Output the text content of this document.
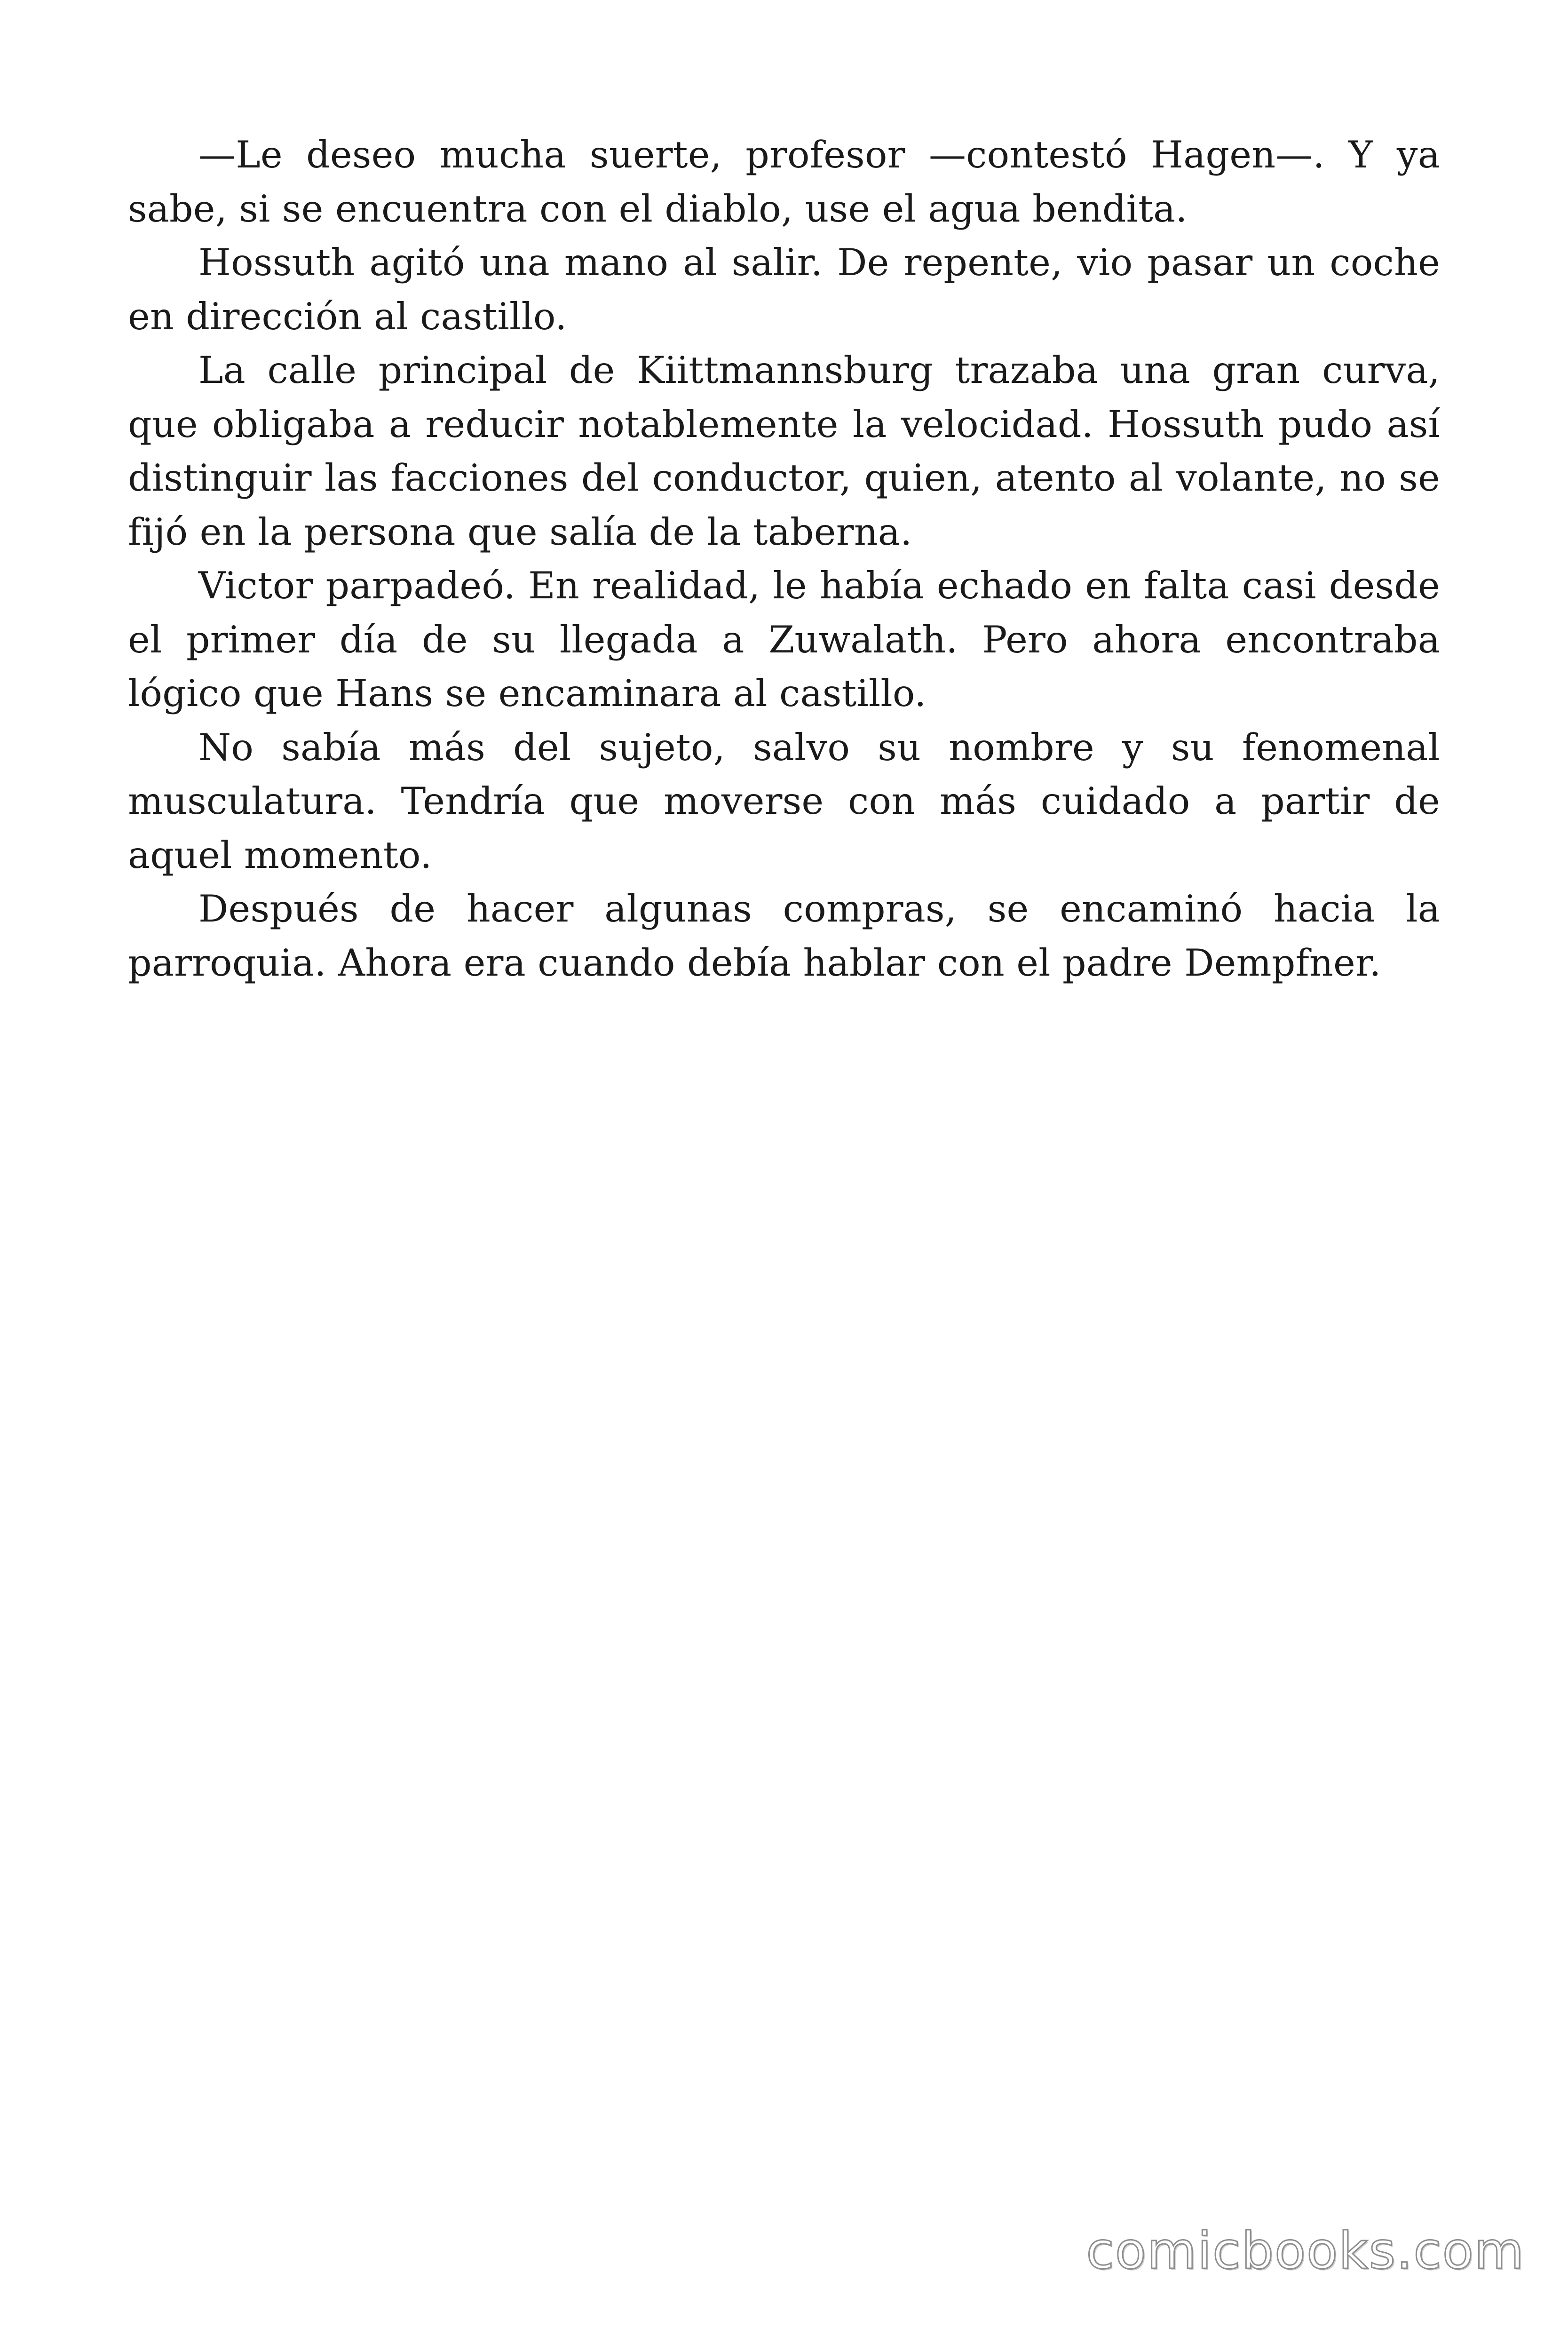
—Le deseo mucha suerte, profesor —contestó Hagen—. Y ya sabe, si se encuentra con el diablo, use el agua bendita.

Hossuth agitó una mano al salir. De repente, vio pasar un coche en dirección al castillo.

La calle principal de Kiittmannsburg trazaba una gran curva, que obligaba a reducir notablemente la velocidad. Hossuth pudo así distinguir las facciones del conductor, quien, atento al volante, no se fijó en la persona que salía de la taberna.

Victor parpadeó. En realidad, le había echado en falta casi desde el primer día de su llegada a Zuwalath. Pero ahora encontraba lógico que Hans se encaminara al castillo.

No sabía más del sujeto, salvo su nombre y su fenomenal musculatura. Tendría que moverse con más cuidado a partir de aquel momento.

Después de hacer algunas compras, se encaminó hacia la parroquia. Ahora era cuando debía hablar con el padre Dempfner.

comicbooks.com
